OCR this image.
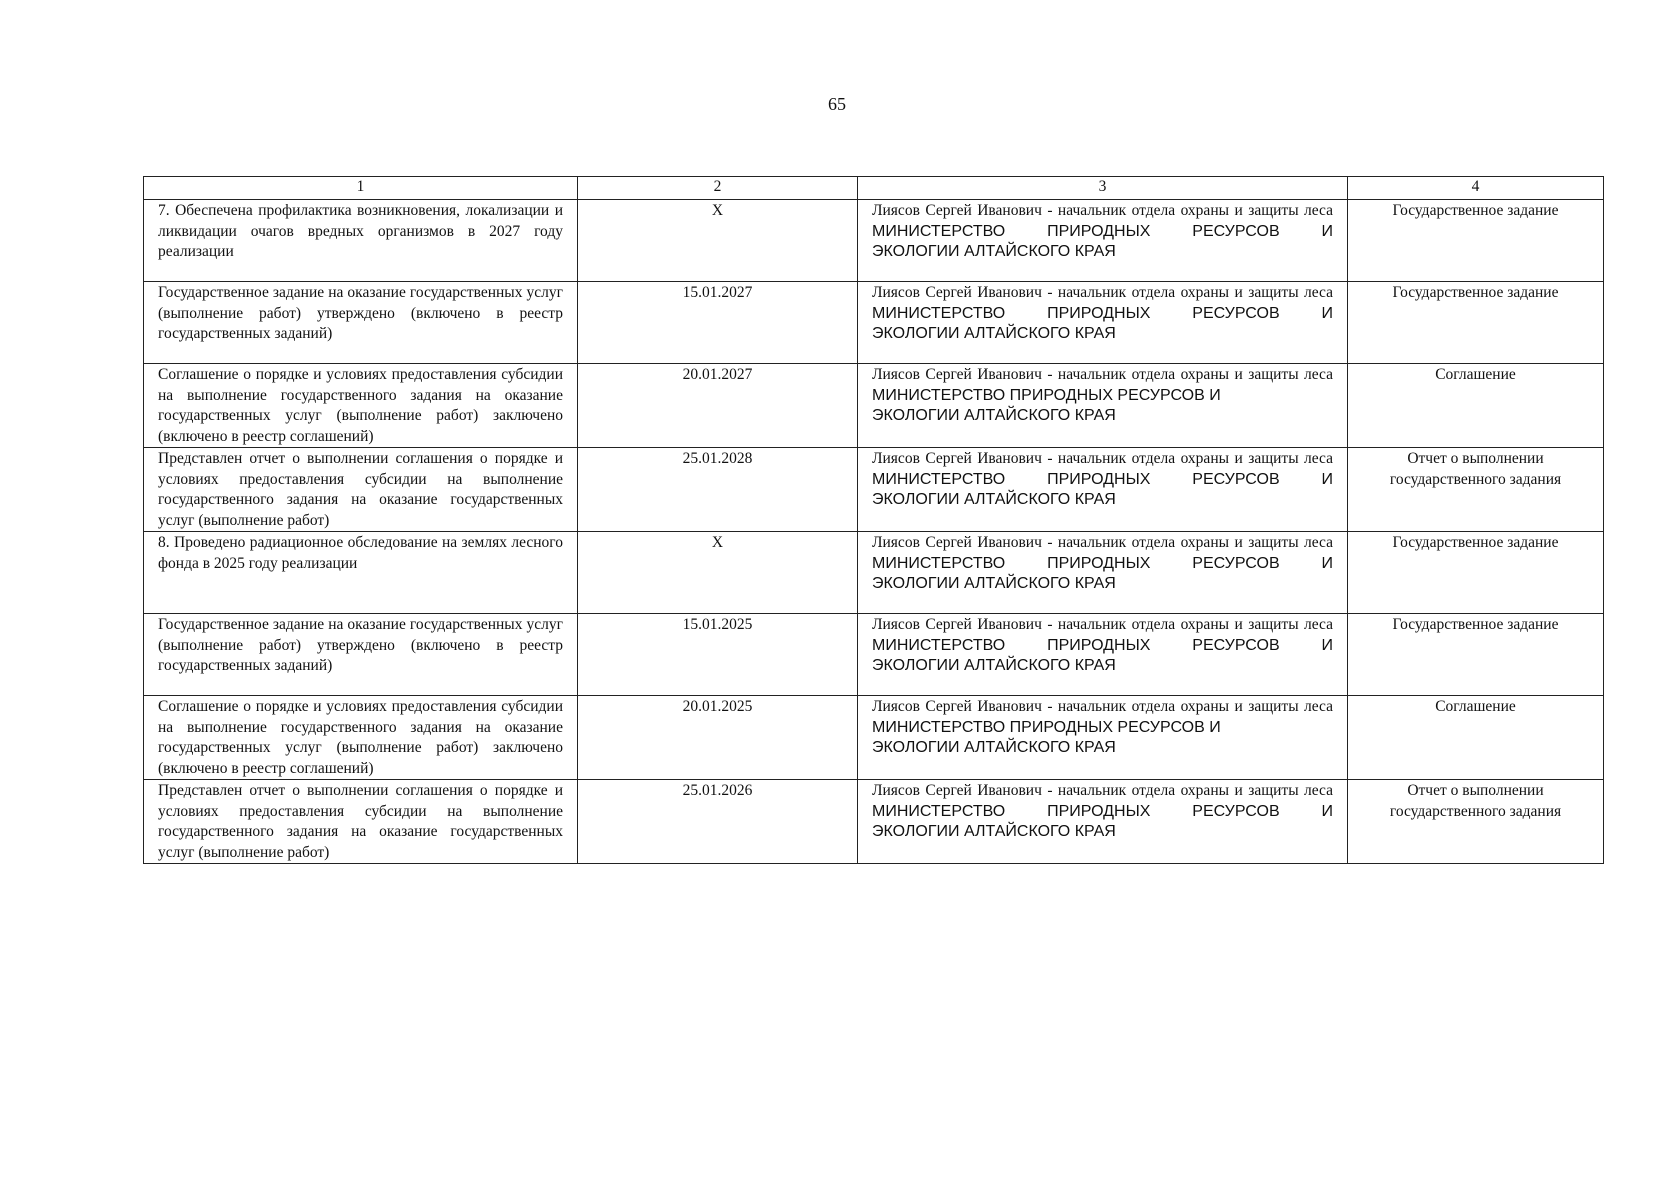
65
1	2	3	4
7. Обеспечена профилактика возникновения, локализации и ликвидации очагов вредных организмов в 2027 году реализации	X	Лиясов Сергей Иванович - начальник отдела охраны и защиты леса
МИНИСТЕРСТВО ПРИРОДНЫХ РЕСУРСОВ И
ЭКОЛОГИИ АЛТАЙСКОГО КРАЯ	Государственное задание
Государственное задание на оказание государственных услуг (выполнение работ) утверждено (включено в реестр государственных заданий)	15.01.2027	Лиясов Сергей Иванович - начальник отдела охраны и защиты леса
МИНИСТЕРСТВО ПРИРОДНЫХ РЕСУРСОВ И
ЭКОЛОГИИ АЛТАЙСКОГО КРАЯ	Государственное задание
Соглашение о порядке и условиях предоставления субсидии на выполнение государственного задания на оказание государственных услуг (выполнение работ) заключено (включено в реестр соглашений)	20.01.2027	Лиясов Сергей Иванович - начальник отдела охраны и защиты леса
МИНИСТЕРСТВО ПРИРОДНЫХ РЕСУРСОВ И
ЭКОЛОГИИ АЛТАЙСКОГО КРАЯ	Соглашение
Представлен отчет о выполнении соглашения о порядке и условиях предоставления субсидии на выполнение государственного задания на оказание государственных услуг (выполнение работ)	25.01.2028	Лиясов Сергей Иванович - начальник отдела охраны и защиты леса
МИНИСТЕРСТВО ПРИРОДНЫХ РЕСУРСОВ И
ЭКОЛОГИИ АЛТАЙСКОГО КРАЯ	Отчет о выполнении государственного задания
8. Проведено радиационное обследование на землях лесного фонда в 2025 году реализации	X	Лиясов Сергей Иванович - начальник отдела охраны и защиты леса
МИНИСТЕРСТВО ПРИРОДНЫХ РЕСУРСОВ И
ЭКОЛОГИИ АЛТАЙСКОГО КРАЯ	Государственное задание
Государственное задание на оказание государственных услуг (выполнение работ) утверждено (включено в реестр государственных заданий)	15.01.2025	Лиясов Сергей Иванович - начальник отдела охраны и защиты леса
МИНИСТЕРСТВО ПРИРОДНЫХ РЕСУРСОВ И
ЭКОЛОГИИ АЛТАЙСКОГО КРАЯ	Государственное задание
Соглашение о порядке и условиях предоставления субсидии на выполнение государственного задания на оказание государственных услуг (выполнение работ) заключено (включено в реестр соглашений)	20.01.2025	Лиясов Сергей Иванович - начальник отдела охраны и защиты леса
МИНИСТЕРСТВО ПРИРОДНЫХ РЕСУРСОВ И
ЭКОЛОГИИ АЛТАЙСКОГО КРАЯ	Соглашение
Представлен отчет о выполнении соглашения о порядке и условиях предоставления субсидии на выполнение государственного задания на оказание государственных услуг (выполнение работ)	25.01.2026	Лиясов Сергей Иванович - начальник отдела охраны и защиты леса
МИНИСТЕРСТВО ПРИРОДНЫХ РЕСУРСОВ И
ЭКОЛОГИИ АЛТАЙСКОГО КРАЯ	Отчет о выполнении государственного задания
